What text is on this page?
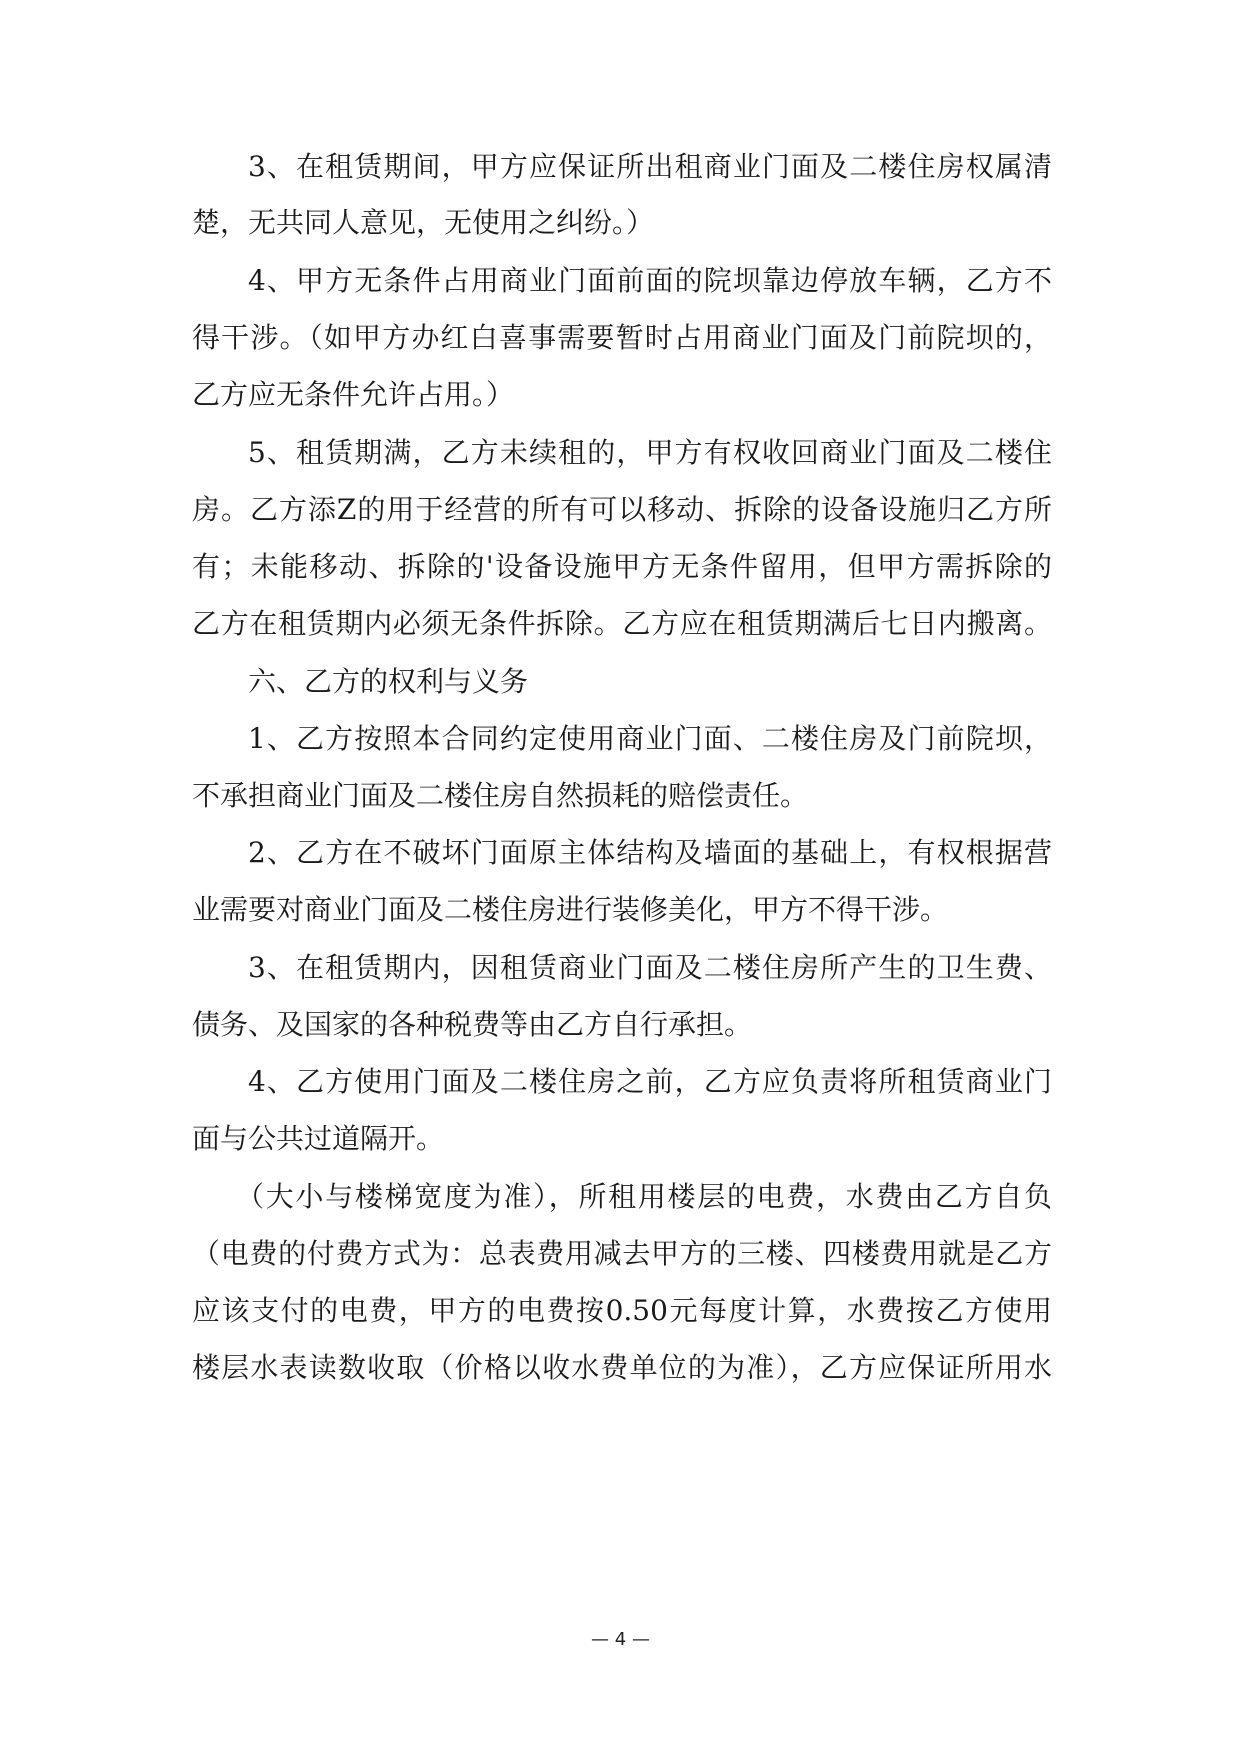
3、在租赁期间，甲方应保证所出租商业门面及二楼住房权属清
楚，无共同人意见，无使用之纠纷。）
4、甲方无条件占用商业门面前面的院坝靠边停放车辆，乙方不
得干涉。（如甲方办红白喜事需要暂时占用商业门面及门前院坝的，
乙方应无条件允许占用。）
5、租赁期满，乙方未续租的，甲方有权收回商业门面及二楼住
房。乙方添Z的用于经营的所有可以移动、拆除的设备设施归乙方所
有；未能移动、拆除的'设备设施甲方无条件留用，但甲方需拆除的
乙方在租赁期内必须无条件拆除。乙方应在租赁期满后七日内搬离。
六、乙方的权利与义务
1、乙方按照本合同约定使用商业门面、二楼住房及门前院坝，
不承担商业门面及二楼住房自然损耗的赔偿责任。
2、乙方在不破坏门面原主体结构及墙面的基础上，有权根据营
业需要对商业门面及二楼住房进行装修美化，甲方不得干涉。
3、在租赁期内，因租赁商业门面及二楼住房所产生的卫生费、
债务、及国家的各种税费等由乙方自行承担。
4、乙方使用门面及二楼住房之前，乙方应负责将所租赁商业门
面与公共过道隔开。
（大小与楼梯宽度为准），所租用楼层的电费，水费由乙方自负
（电费的付费方式为：总表费用减去甲方的三楼、四楼费用就是乙方
应该支付的电费，甲方的电费按0.50元每度计算，水费按乙方使用
楼层水表读数收取（价格以收水费单位的为准），乙方应保证所用水
— 4 —
